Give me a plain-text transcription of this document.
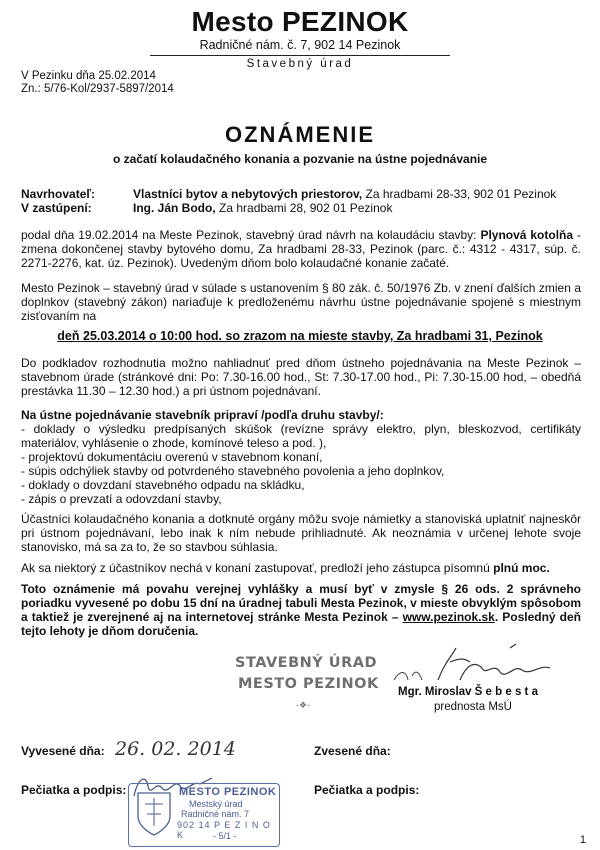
Mesto PEZINOK
Radničné nám. č. 7, 902 14 Pezinok
Stavebný úrad
V Pezinku dňa 25.02.2014
Zn.: 5/76-Kol/2937-5897/2014
OZNÁMENIE
o začatí kolaudačného konania a pozvanie na ústne pojednávanie
Navrhovateľ:	Vlastníci bytov a nebytových priestorov, Za hradbami 28-33, 902 01 Pezinok
V zastúpení:	Ing. Ján Bodo, Za hradbami 28, 902 01 Pezinok
podal dňa 19.02.2014 na Meste Pezinok, stavebný úrad návrh na kolaudáciu stavby: Plynová kotolňa - zmena dokončenej stavby bytového domu, Za hradbami 28-33, Pezinok (parc. č.: 4312 - 4317, súp. č. 2271-2276, kat. úz. Pezinok). Uvedeným dňom bolo kolaudačné konanie začaté.
Mesto Pezinok – stavebný úrad v súlade s ustanovením § 80 zák. č. 50/1976 Zb. v znení ďalších zmien a doplnkov (stavebný zákon) nariaďuje k predloženému návrhu ústne pojednávanie spojené s miestnym zisťovaním na
deň 25.03.2014 o 10:00 hod. so zrazom na mieste stavby, Za hradbami 31, Pezinok
Do podkladov rozhodnutia možno nahliadnuť pred dňom ústneho pojednávania na Meste Pezinok – stavebnom úrade (stránkové dni: Po: 7.30-16.00 hod., St: 7.30-17.00 hod., Pi: 7.30-15.00 hod, – obedňá prestávka 11.30 – 12.30 hod.) a pri ústnom pojednávaní.
Na ústne pojednávanie stavebník pripraví /podľa druhu stavby/:
- doklady o výsledku predpísaných skúšok (revízne správy elektro, plyn, bleskozvod, certifikáty materiálov, vyhlásenie o zhode, komínové teleso a pod. ),
- projektovú dokumentáciu overenú v stavebnom konaní,
- súpis odchýliek stavby od potvrdeného stavebného povolenia a jeho doplnkov,
- doklady o dovzdaní stavebného odpadu na skládku,
- zápis o prevzatí a odovzdaní stavby,
Účastníci kolaudačného konania a dotknuté orgány môžu svoje námietky a stanoviská uplatniť najneskôr pri ústnom pojednávaní, lebo inak k ním nebude prihliadnuté. Ak neoznámia v určenej lehote svoje stanovisko, má sa za to, že so stavbou súhlasia.
Ak sa niektorý z účastníkov nechá v konaní zastupovať, predloží jeho zástupca písomnú plnú moc.
Toto oznámenie má povahu verejnej vyhlášky a musí byť v zmysle § 26 ods. 2 správneho poriadku vyvesené po dobu 15 dní na úradnej tabuli Mesta Pezinok, v mieste obvyklým spôsobom a taktiež je zverejnené aj na internetovej stránke Mesta Pezinok – www.pezinok.sk. Posledný deň tejto lehoty je dňom doručenia.
STAVEBNÝ ÚRAD
MESTO PEZINOK
-❖-
Mgr. Miroslav Š e b e s t a
prednosta MsÚ
Vyvesené dňa: 26. 02. 2014	Zvesené dňa:
Pečiatka a podpis:	Pečiatka a podpis:
MESTO PEZINOK
Mestský úrad
Radničné nám. 7
902 14 P E Z I N O K	- 5/1 -	1
